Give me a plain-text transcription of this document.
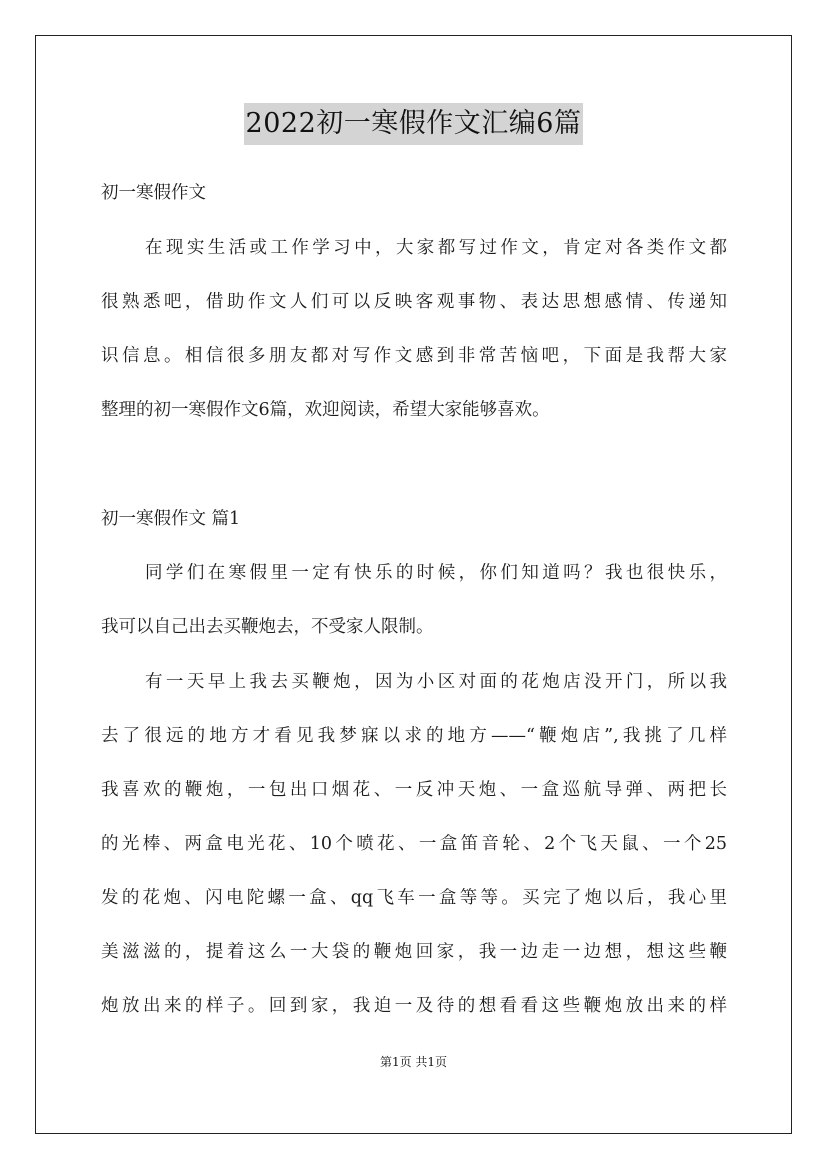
2022初一寒假作文汇编6篇
初一寒假作文
在现实生活或工作学习中，大家都写过作文，肯定对各类作文都
很熟悉吧，借助作文人们可以反映客观事物、表达思想感情、传递知
识信息。相信很多朋友都对写作文感到非常苦恼吧，下面是我帮大家
整理的初一寒假作文6篇，欢迎阅读，希望大家能够喜欢。
初一寒假作文 篇1
同学们在寒假里一定有快乐的时候，你们知道吗？我也很快乐，
我可以自己出去买鞭炮去，不受家人限制。
有一天早上我去买鞭炮，因为小区对面的花炮店没开门，所以我
去了很远的地方才看见我梦寐以求的地方——“鞭炮店”,我挑了几样
我喜欢的鞭炮，一包出口烟花、一反冲天炮、一盒巡航导弹、两把长
的光棒、两盒电光花、10个喷花、一盒笛音轮、2个飞天鼠、一个25
发的花炮、闪电陀螺一盒、qq飞车一盒等等。买完了炮以后，我心里
美滋滋的，提着这么一大袋的鞭炮回家，我一边走一边想，想这些鞭
炮放出来的样子。回到家，我迫一及待的想看看这些鞭炮放出来的样
第1页 共1页
